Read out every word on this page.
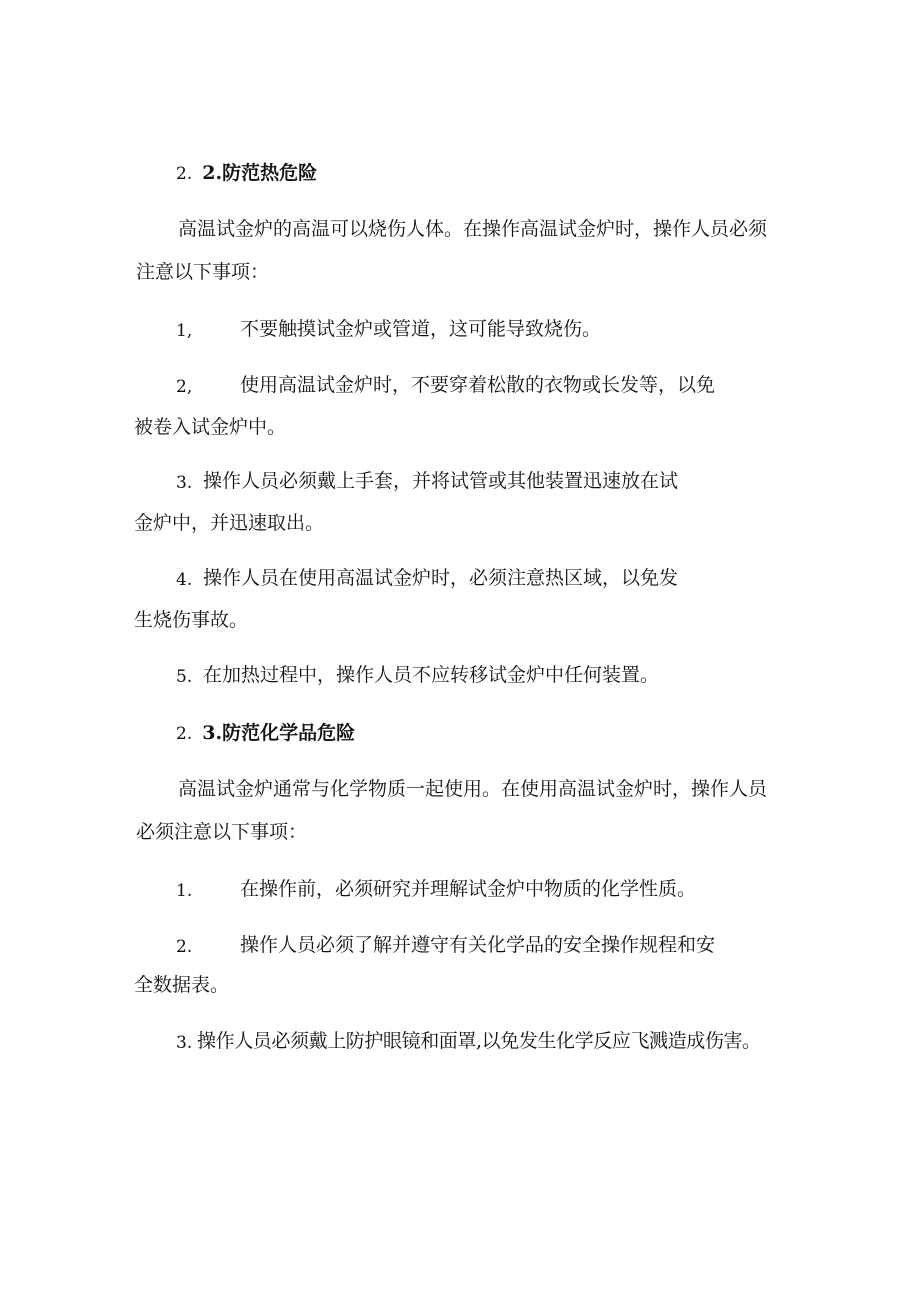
2. 2.防范热危险
高温试金炉的高温可以烧伤人体。在操作高温试金炉时，操作人员必须
注意以下事项：
1,	不要触摸试金炉或管道，这可能导致烧伤。
2,	使用高温试金炉时，不要穿着松散的衣物或长发等，以免
被卷入试金炉中。
3. 操作人员必须戴上手套，并将试管或其他装置迅速放在试
金炉中，并迅速取出。
4. 操作人员在使用高温试金炉时，必须注意热区域，以免发
生烧伤事故。
5. 在加热过程中，操作人员不应转移试金炉中任何装置。
2. 3.防范化学品危险
高温试金炉通常与化学物质一起使用。在使用高温试金炉时，操作人员
必须注意以下事项：
1.	在操作前，必须研究并理解试金炉中物质的化学性质。
2.	操作人员必须了解并遵守有关化学品的安全操作规程和安
全数据表。
3. 操作人员必须戴上防护眼镜和面罩,以免发生化学反应飞溅造成伤害。
